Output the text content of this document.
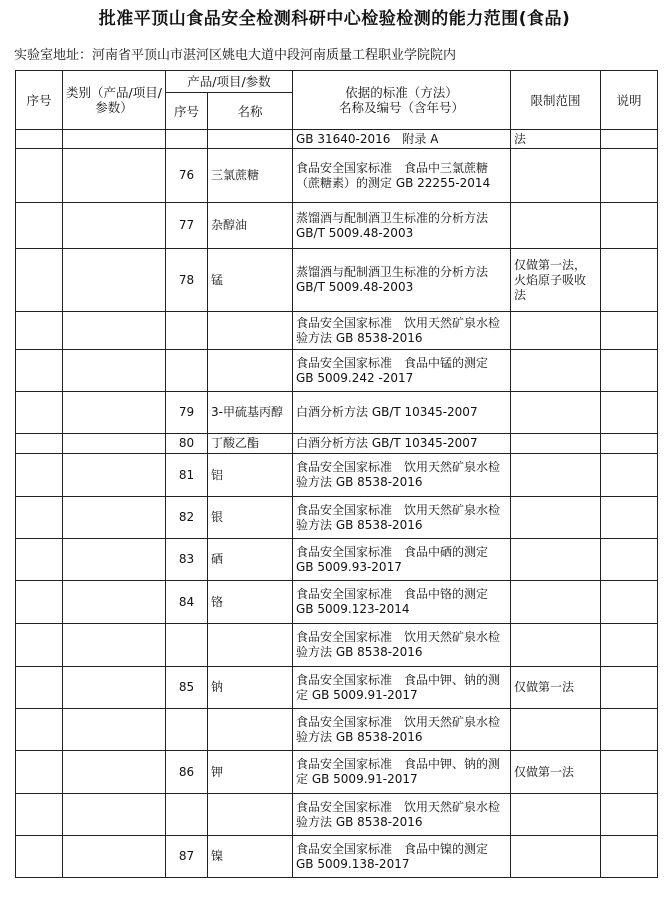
批准平顶山食品安全检测科研中心检验检测的能力范围(食品)
实验室地址：河南省平顶山市湛河区姚电大道中段河南质量工程职业学院院内
序号	类别（产品/项目/参数）	产品/项目/参数		依据的标准（方法）
名称及编号（含年号）	限制范围	说明
		序号	名称			
				GB 31640-2016　附录 A	法	
		76	三氯蔗糖	食品安全国家标准　食品中三氯蔗糖（蔗糖素）的测定 GB 22255-2014		
		77	杂醇油	蒸馏酒与配制酒卫生标准的分析方法 GB/T 5009.48-2003		
		78	锰	蒸馏酒与配制酒卫生标准的分析方法 GB/T 5009.48-2003	仅做第一法，火焰原子吸收法	
				食品安全国家标准　饮用天然矿泉水检验方法 GB 8538-2016		
				食品安全国家标准　食品中锰的测定 GB 5009.242 -2017		
		79	3-甲硫基丙醇	白酒分析方法 GB/T 10345-2007		
		80	丁酸乙酯	白酒分析方法 GB/T 10345-2007		
		81	铝	食品安全国家标准　饮用天然矿泉水检验方法 GB 8538-2016		
		82	银	食品安全国家标准　饮用天然矿泉水检验方法 GB 8538-2016		
		83	硒	食品安全国家标准　食品中硒的测定 GB 5009.93-2017		
		84	铬	食品安全国家标准　食品中铬的测定 GB 5009.123-2014		
				食品安全国家标准　饮用天然矿泉水检验方法 GB 8538-2016		
		85	钠	食品安全国家标准　食品中钾、钠的测定 GB 5009.91-2017	仅做第一法	
				食品安全国家标准　饮用天然矿泉水检验方法 GB 8538-2016		
		86	钾	食品安全国家标准　食品中钾、钠的测定 GB 5009.91-2017	仅做第一法	
				食品安全国家标准　饮用天然矿泉水检验方法 GB 8538-2016		
		87	镍	食品安全国家标准　食品中镍的测定 GB 5009.138-2017		
